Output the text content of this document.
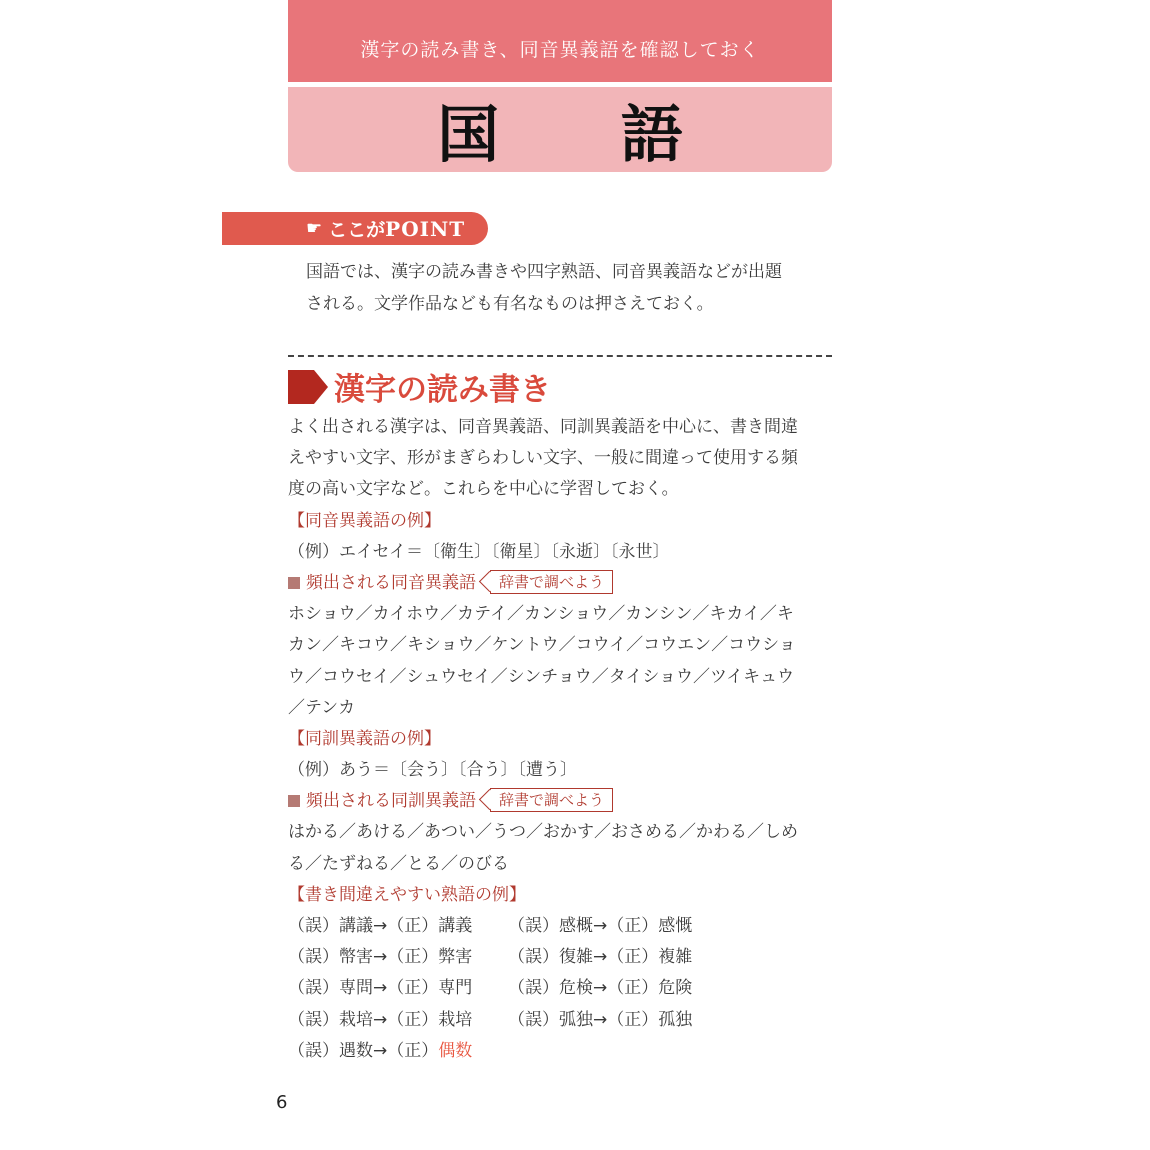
漢字の読み書き、同音異義語を確認しておく
国 語
☛ ここが POINT
国語では、漢字の読み書きや四字熟語、同音異義語などが出題
される。文学作品なども有名なものは押さえておく。
漢字の読み書き
よく出される漢字は、同音異義語、同訓異義語を中心に、書き間違
えやすい文字、形がまぎらわしい文字、一般に間違って使用する頻
度の高い文字など。これらを中心に学習しておく。
【同音異義語の例】
（例）エイセイ＝〔衛生〕〔衛星〕〔永逝〕〔永世〕
頻出される同音異義語 辞書で調べよう
ホショウ／カイホウ／カテイ／カンショウ／カンシン／キカイ／キ
カン／キコウ／キショウ／ケントウ／コウイ／コウエン／コウショ
ウ／コウセイ／シュウセイ／シンチョウ／タイショウ／ツイキュウ
／テンカ
【同訓異義語の例】
（例）あう＝〔会う〕〔合う〕〔遭う〕
頻出される同訓異義語 辞書で調べよう
はかる／あける／あつい／うつ／おかす／おさめる／かわる／しめ
る／たずねる／とる／のびる
【書き間違えやすい熟語の例】
（誤）講議→（正）講義 （誤）感概→（正）感慨
（誤）幣害→（正）弊害 （誤）復雑→（正）複雑
（誤）専問→（正）専門 （誤）危検→（正）危険
（誤）栽培→（正）栽培 （誤）弧独→（正）孤独
（誤）遇数→（正）偶数
6
